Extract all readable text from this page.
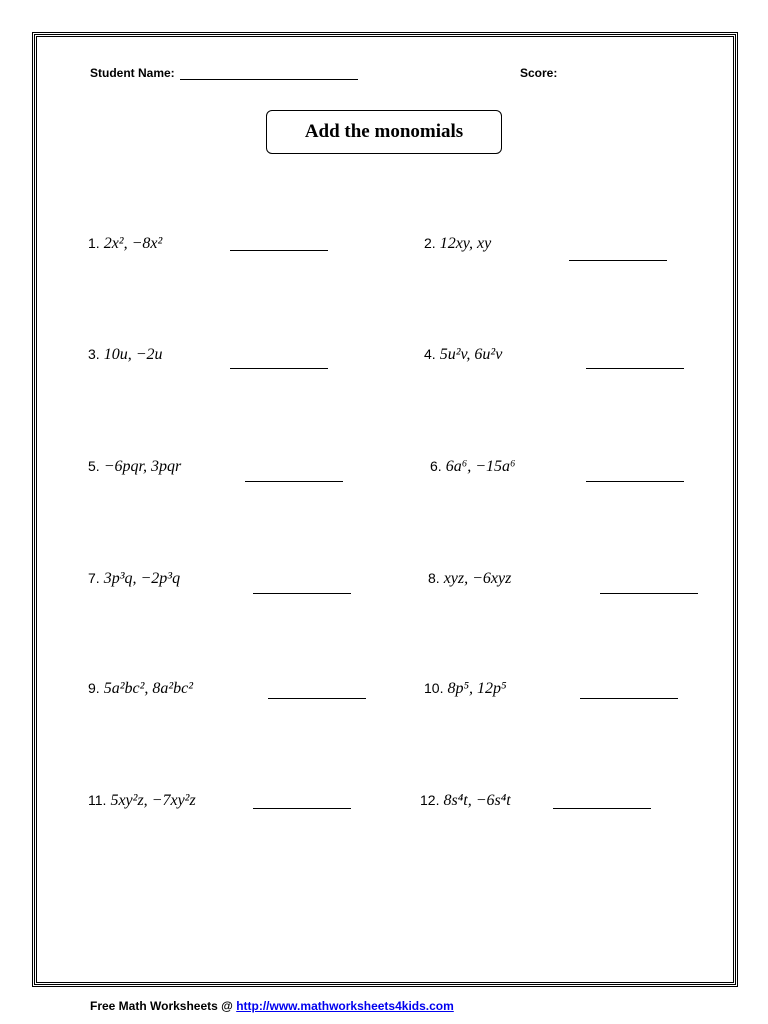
Student Name:	Score:
Add the monomials
1. 2x², −8x²	2. 12xy, xy
3. 10u, −2u	4. 5u²v, 6u²v
5. −6pqr, 3pqr	6. 6a⁶, −15a⁶
7. 3p³q, −2p³q	8. xyz, −6xyz
9. 5a²bc², 8a²bc²	10. 8p⁵, 12p⁵
11. 5xy²z, −7xy²z	12. 8s⁴t, −6s⁴t
Free Math Worksheets @ http://www.mathworksheets4kids.com
